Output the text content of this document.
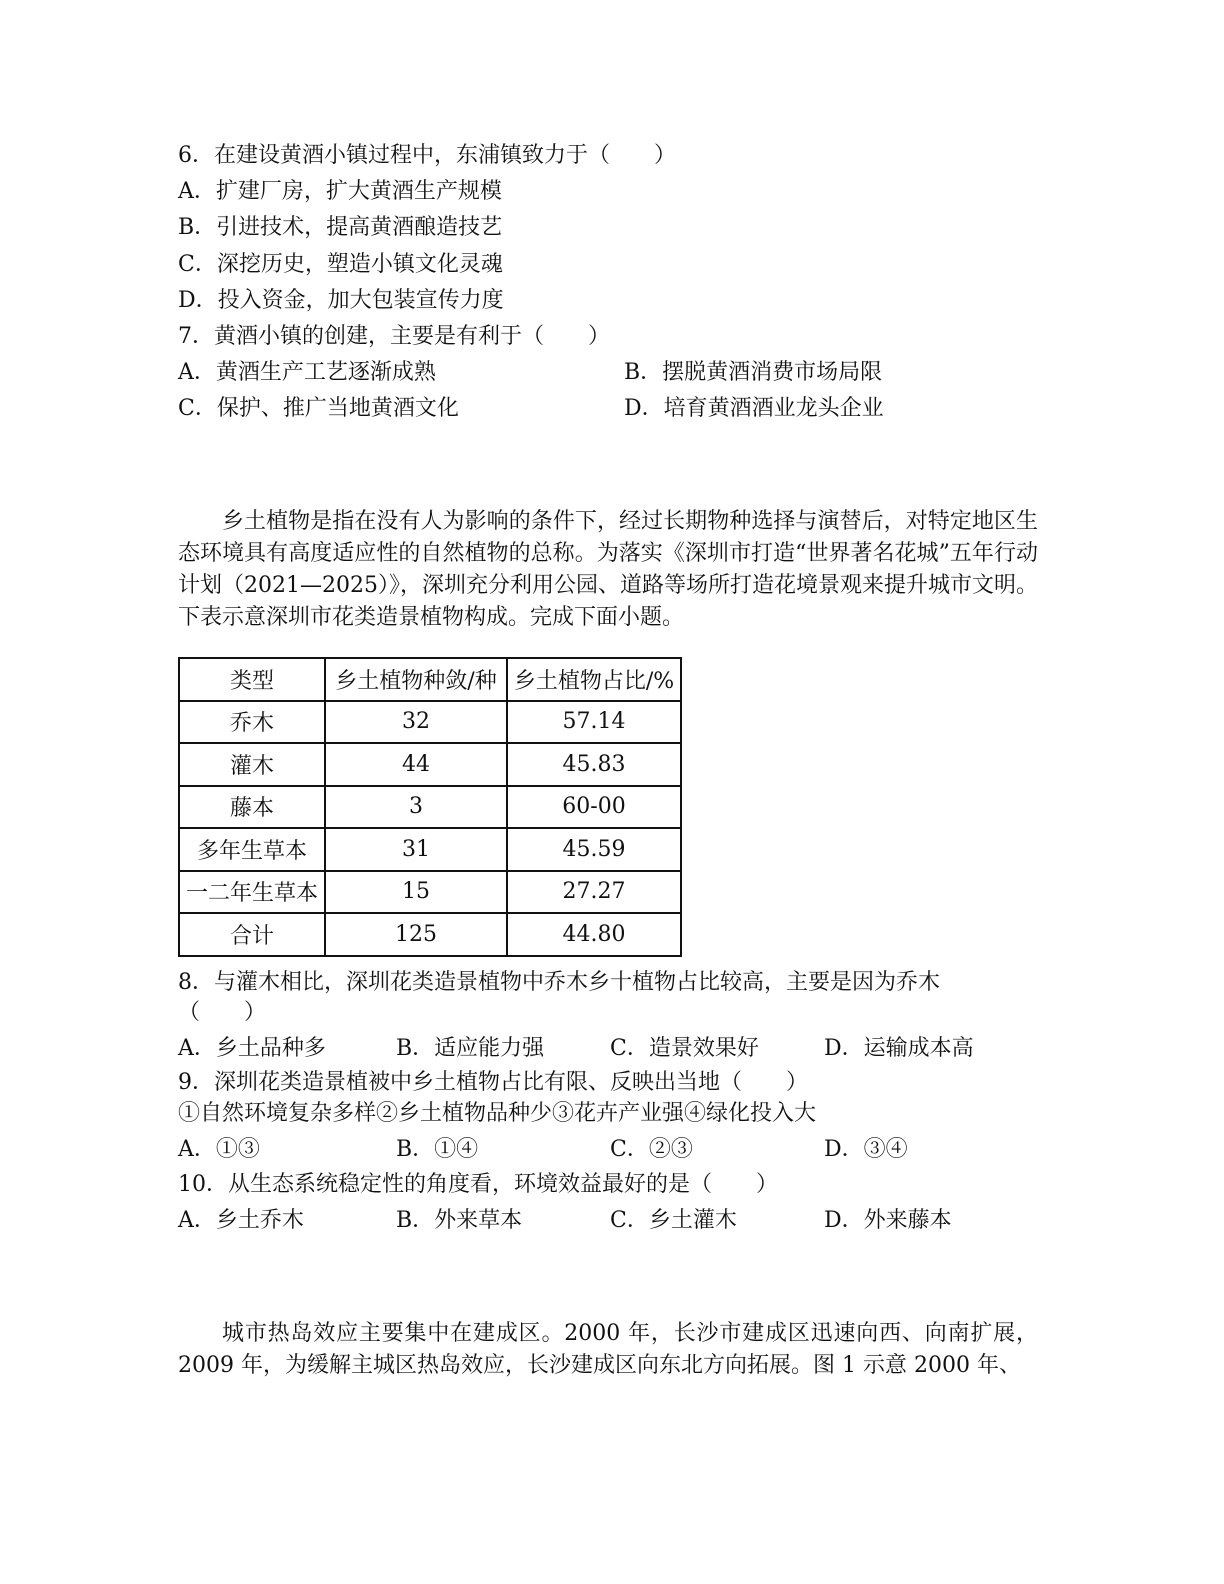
6．在建设黄酒小镇过程中，东浦镇致力于（　　）
A．扩建厂房，扩大黄酒生产规模
B．引进技术，提高黄酒酿造技艺
C．深挖历史，塑造小镇文化灵魂
D．投入资金，加大包装宣传力度
7．黄酒小镇的创建，主要是有利于（　　）
A．黄酒生产工艺逐渐成熟	B．摆脱黄酒消费市场局限
C．保护、推广当地黄酒文化	D．培育黄酒酒业龙头企业

乡土植物是指在没有人为影响的条件下，经过长期物种选择与演替后，对特定地区生态环境具有高度适应性的自然植物的总称。为落实《深圳市打造“世界著名花城”五年行动计划（2021—2025）》，深圳充分利用公园、道路等场所打造花境景观来提升城市文明。下表示意深圳市花类造景植物构成。完成下面小题。

类型	乡土植物种敛/种	乡土植物占比/%
乔木	32	57.14
灌木	44	45.83
藤本	3	60-00
多年生草本	31	45.59
一二年生草本	15	27.27
合计	125	44.80
8．与灌木相比，深圳花类造景植物中乔木乡十植物占比较高，主要是因为乔木
（　　）
A．乡土品种多	B．适应能力强	C．造景效果好	D．运输成本高
9．深圳花类造景植被中乡土植物占比有限、反映出当地（　　）
①自然环境复杂多样②乡土植物品种少③花卉产业强④绿化投入大
A．①③	B．①④	C．②③	D．③④
10．从生态系统稳定性的角度看，环境效益最好的是（　　）
A．乡土乔木	B．外来草本	C．乡土灌木	D．外来藤本

城市热岛效应主要集中在建成区。2000 年，长沙市建成区迅速向西、向南扩展，2009 年，为缓解主城区热岛效应，长沙建成区向东北方向拓展。图 1 示意 2000 年、
